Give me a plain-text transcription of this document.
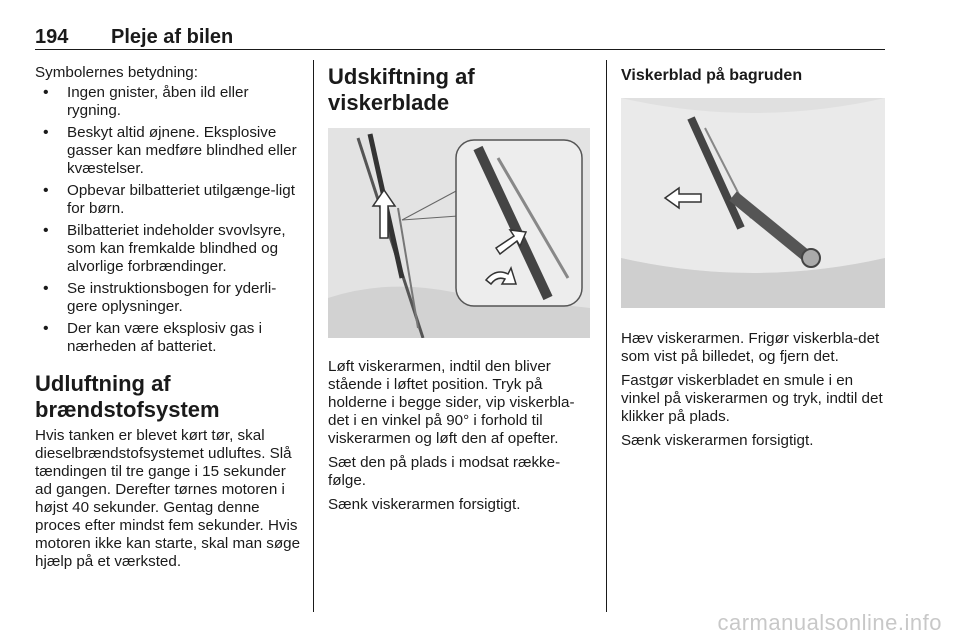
194 Pleje af bilen
Symbolernes betydning:
• Ingen gnister, åben ild eller rygning.
• Beskyt altid øjnene. Eksplosive gasser kan medføre blindhed eller kvæstelser.
• Opbevar bilbatteriet utilgænge-ligt for børn.
• Bilbatteriet indeholder svovlsyre, som kan fremkalde blindhed og alvorlige forbrændinger.
• Se instruktionsbogen for yderli-gere oplysninger.
• Der kan være eksplosiv gas i nærheden af batteriet.
Udluftning af
brændstofsystem

Hvis tanken er blevet kørt tør, skal dieselbrændstofsystemet udluftes. Slå tændingen til tre gange i 15 sekunder ad gangen. Derefter tørnes motoren i højst 40 sekunder. Gentag denne proces efter mindst fem sekunder. Hvis motoren ikke kan starte, skal man søge hjælp på et værksted.

Udskiftning af viskerblade

Løft viskerarmen, indtil den bliver stående i løftet position. Tryk på holderne i begge sider, vip viskerbla-det i en vinkel på 90° i forhold til viskerarmen og løft den af opefter.

Sæt den på plads i modsat række-følge.

Sænk viskerarmen forsigtigt.

Viskerblad på bagruden

Hæv viskerarmen. Frigør viskerbla-det som vist på billedet, og fjern det.

Fastgør viskerbladet en smule i en vinkel på viskerarmen og tryk, indtil det klikker på plads.

Sænk viskerarmen forsigtigt.

carmanualsonline.info
